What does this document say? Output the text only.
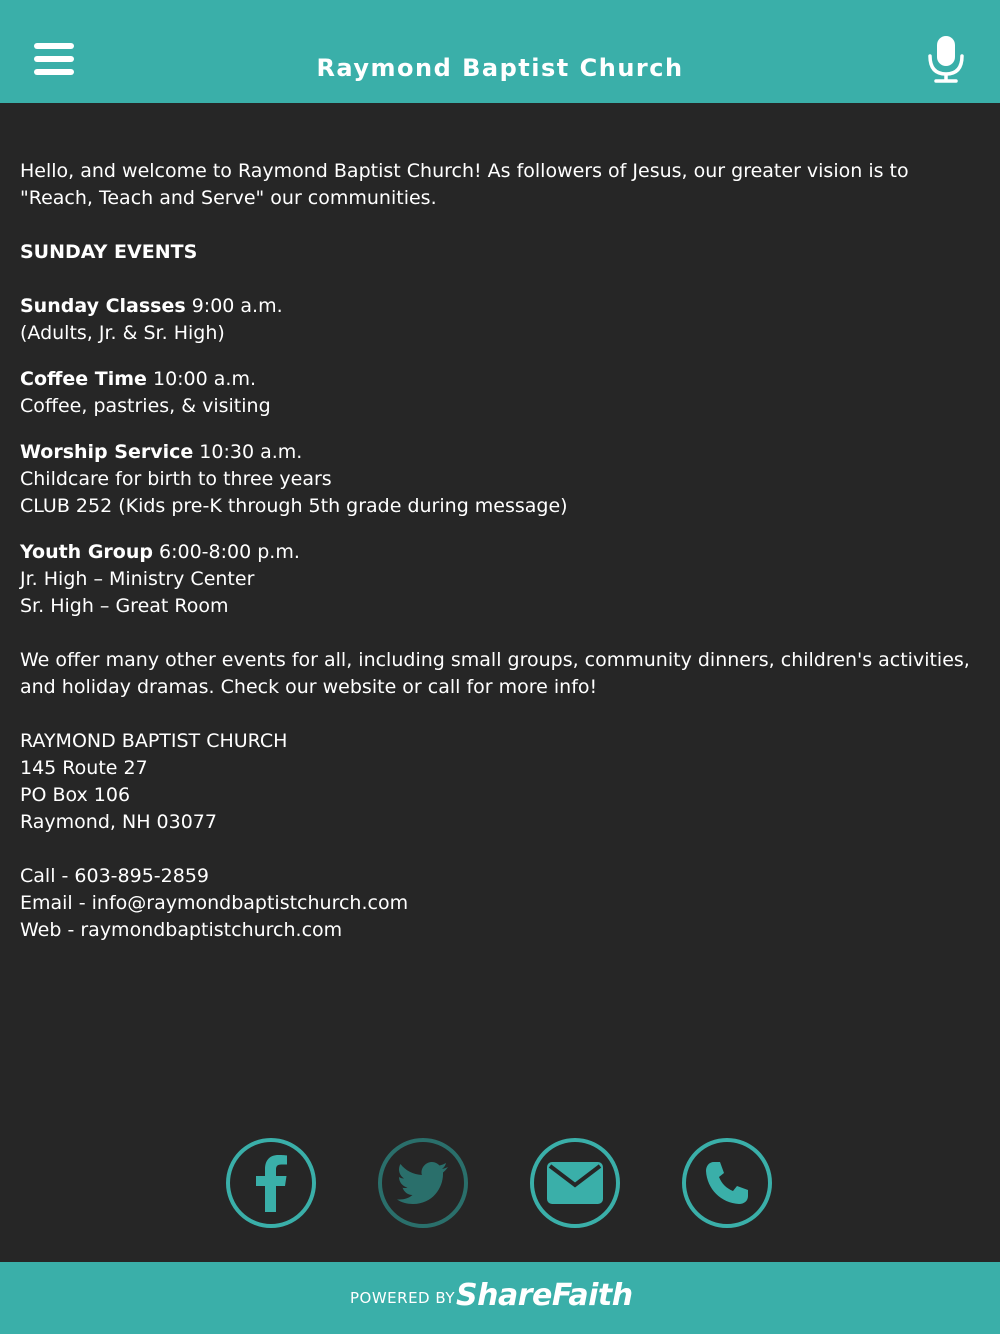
Raymond Baptist Church

Hello, and welcome to Raymond Baptist Church! As followers of Jesus, our greater vision is to "Reach, Teach and Serve" our communities.

SUNDAY EVENTS

Sunday Classes 9:00 a.m.

(Adults, Jr. & Sr. High)

Coffee Time 10:00 a.m.

Coffee, pastries, & visiting

Worship Service 10:30 a.m.

Childcare for birth to three years

CLUB 252 (Kids pre-K through 5th grade during message)

Youth Group 6:00-8:00 p.m.

Jr. High – Ministry Center

Sr. High – Great Room

We offer many other events for all, including small groups, community dinners, children's activities, and holiday dramas. Check our website or call for more info!

RAYMOND BAPTIST CHURCH

145 Route 27

PO Box 106

Raymond, NH 03077

Call - 603-895-2859

Email - info@raymondbaptistchurch.com

Web - raymondbaptistchurch.com

POWERED BY ShareFaith
